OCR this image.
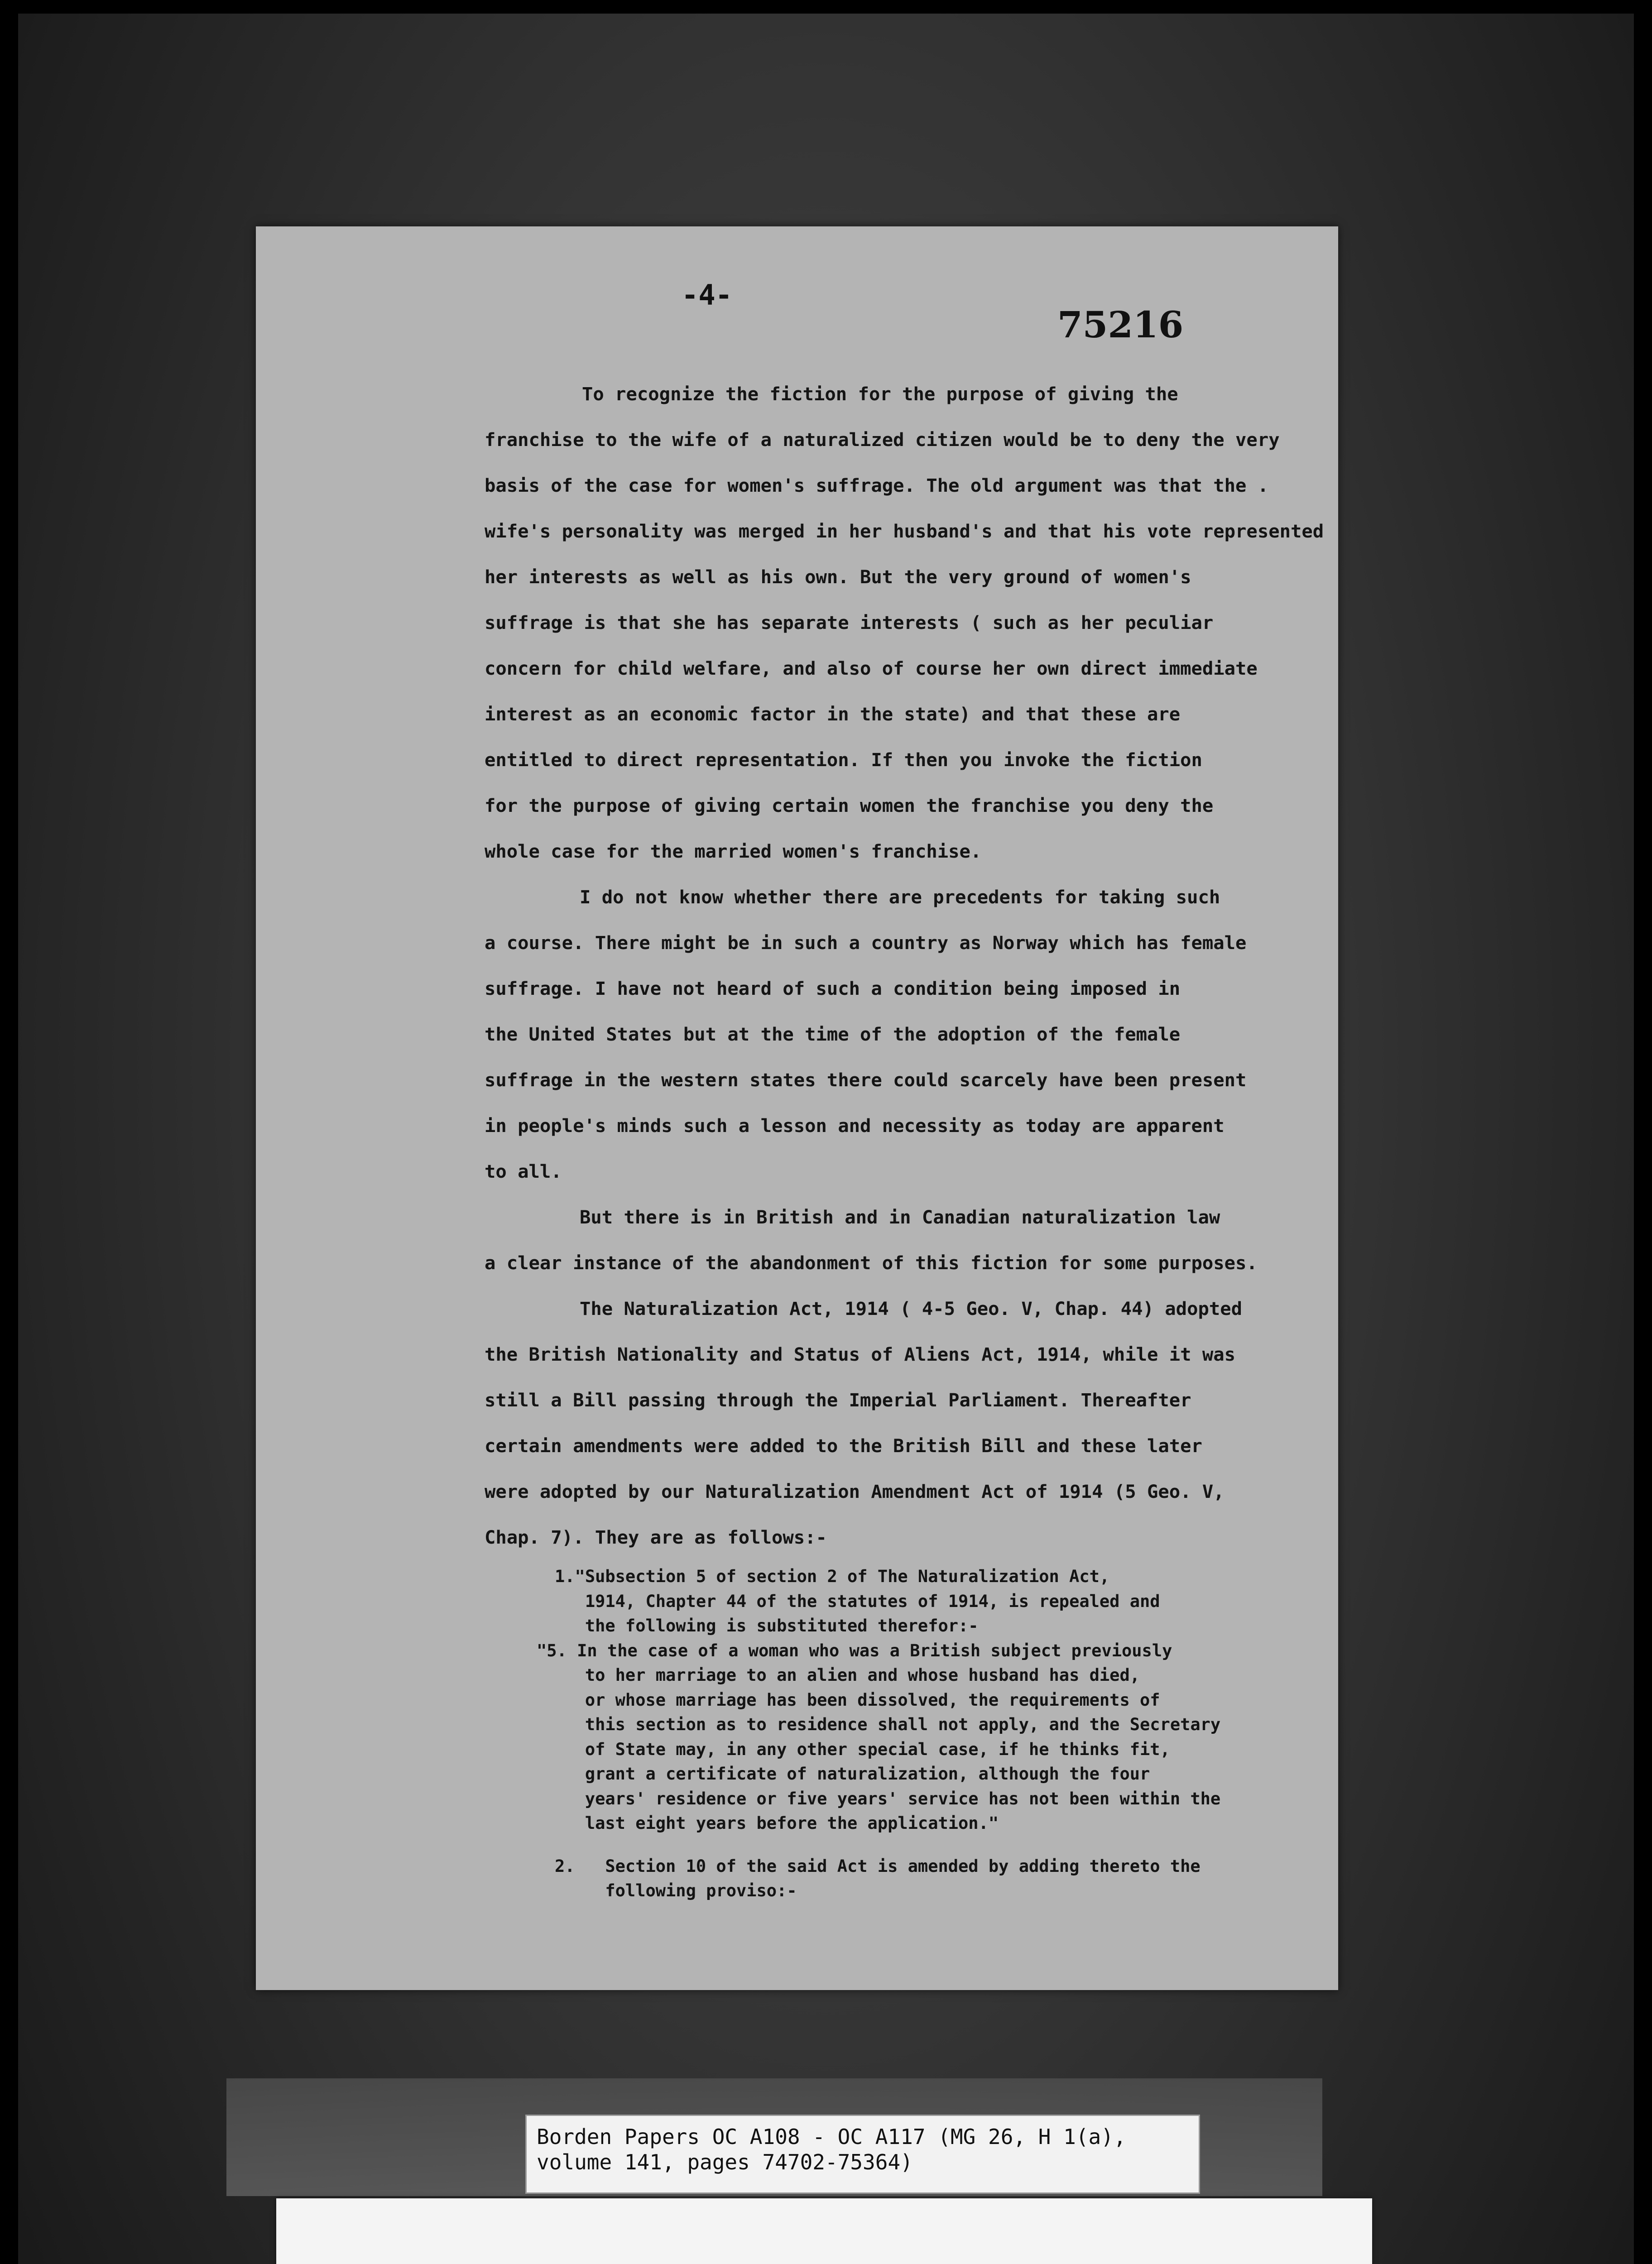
-4-
75216
To recognize the fiction for the purpose of giving the
franchise to the wife of a naturalized citizen would be to deny the very
basis of the case for women's suffrage. The old argument was that the .
wife's personality was merged in her husband's and that his vote represented
her interests as well as his own. But the very ground of women's
suffrage is that she has separate interests ( such as her peculiar
concern for child welfare, and also of course her own direct immediate
interest as an economic factor in the state) and that these are
entitled to direct representation. If then you invoke the fiction
for the purpose of giving certain women the franchise you deny the
whole case for the married women's franchise.
I do not know whether there are precedents for taking such
a course. There might be in such a country as Norway which has female
suffrage. I have not heard of such a condition being imposed in
the United States but at the time of the adoption of the female
suffrage in the western states there could scarcely have been present
in people's minds such a lesson and necessity as today are apparent
to all.
But there is in British and in Canadian naturalization law
a clear instance of the abandonment of this fiction for some purposes.
The Naturalization Act, 1914 ( 4-5 Geo. V, Chap. 44) adopted
the British Nationality and Status of Aliens Act, 1914, while it was
still a Bill passing through the Imperial Parliament. Thereafter
certain amendments were added to the British Bill and these later
were adopted by our Naturalization Amendment Act of 1914 (5 Geo. V,
Chap. 7). They are as follows:-
1."Subsection 5 of section 2 of The Naturalization Act,
1914, Chapter 44 of the statutes of 1914, is repealed and
the following is substituted therefor:-
"5. In the case of a woman who was a British subject previously
to her marriage to an alien and whose husband has died,
or whose marriage has been dissolved, the requirements of
this section as to residence shall not apply, and the Secretary
of State may, in any other special case, if he thinks fit,
grant a certificate of naturalization, although the four
years' residence or five years' service has not been within the
last eight years before the application."
2.   Section 10 of the said Act is amended by adding thereto the
following proviso:-
Borden Papers OC A108 - OC A117 (MG 26, H 1(a),
volume 141, pages 74702-75364)
